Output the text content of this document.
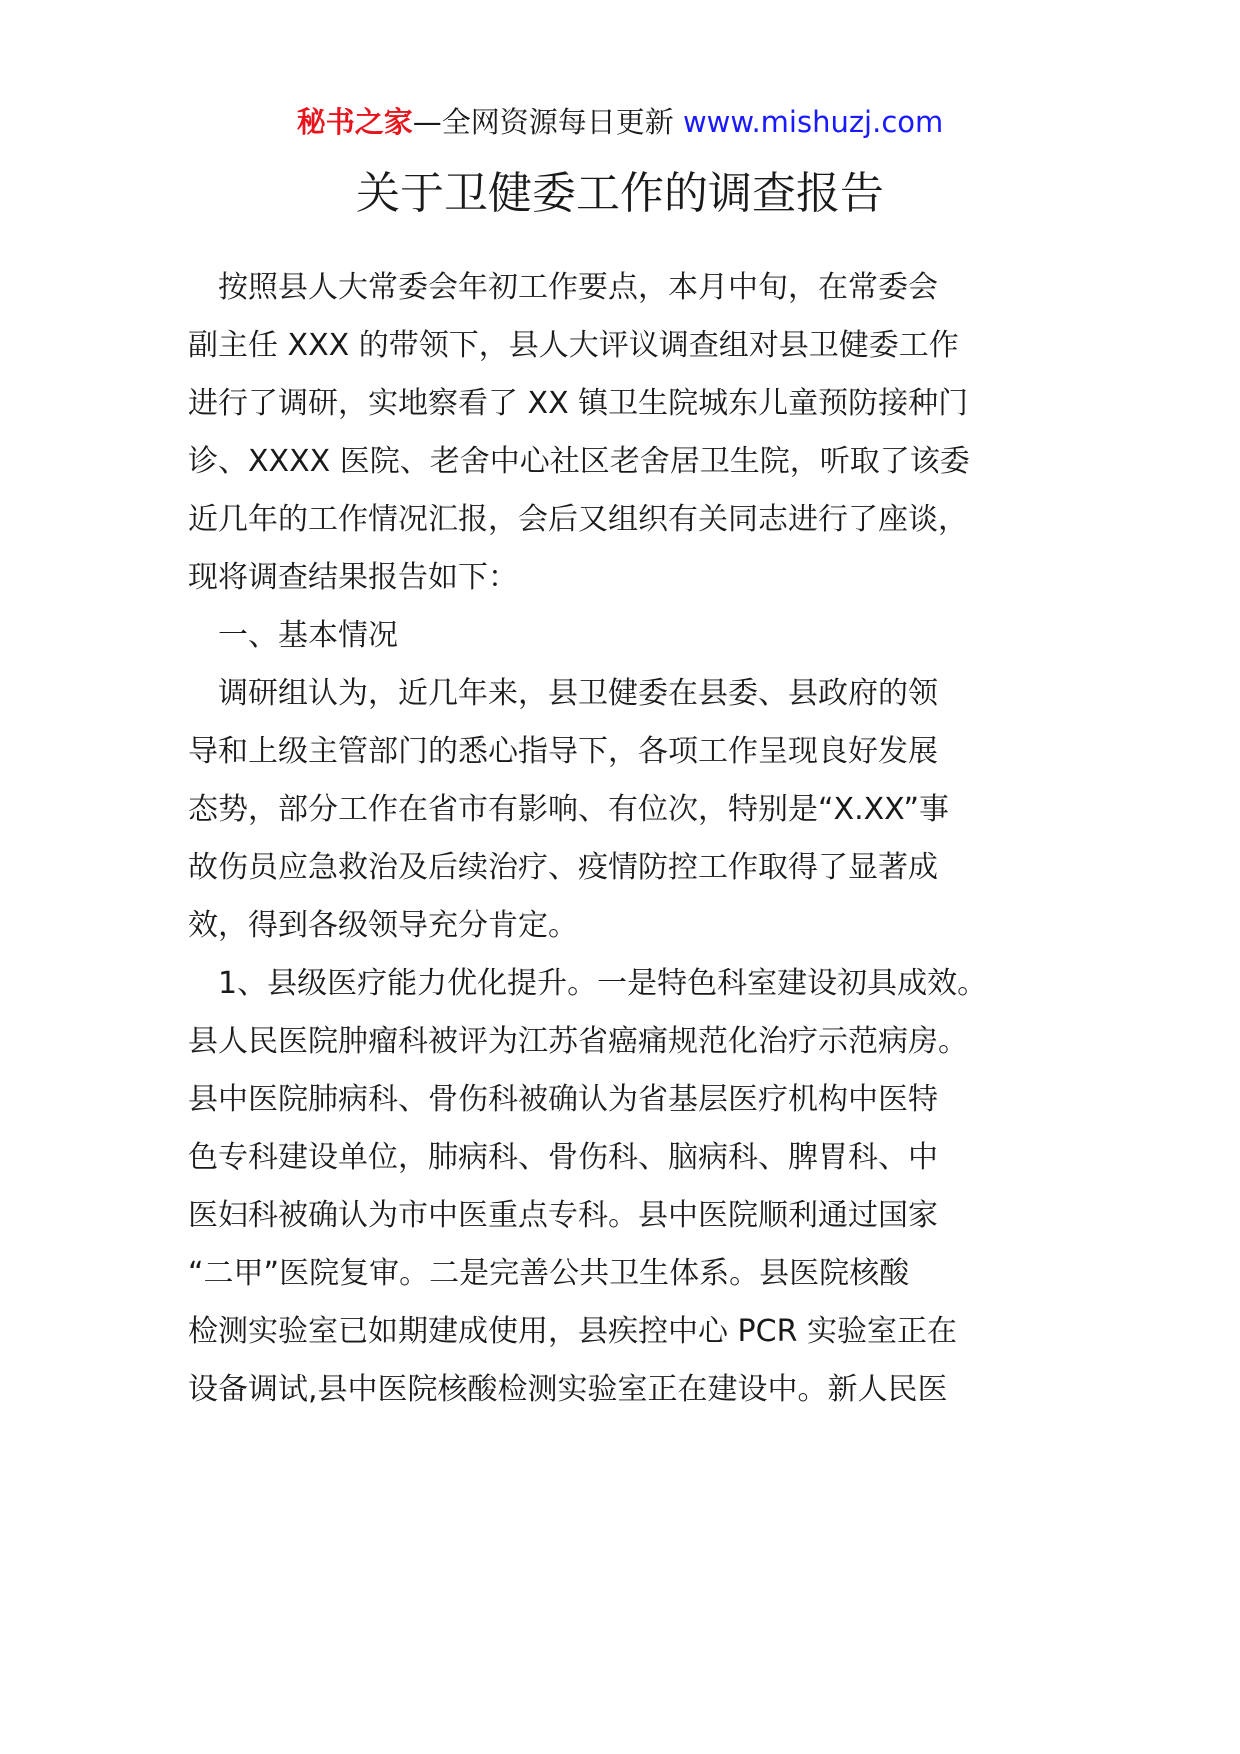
秘书之家—全网资源每日更新 www.mishuzj.com
关于卫健委工作的调查报告

　按照县人大常委会年初工作要点，本月中旬，在常委会

副主任 XXX 的带领下，县人大评议调查组对县卫健委工作

进行了调研，实地察看了 XX 镇卫生院城东儿童预防接种门

诊、XXXX 医院、老舍中心社区老舍居卫生院，听取了该委

近几年的工作情况汇报，会后又组织有关同志进行了座谈，

现将调查结果报告如下：

　一、基本情况

　调研组认为，近几年来，县卫健委在县委、县政府的领

导和上级主管部门的悉心指导下，各项工作呈现良好发展

态势，部分工作在省市有影响、有位次，特别是“X.XX”事

故伤员应急救治及后续治疗、疫情防控工作取得了显著成

效，得到各级领导充分肯定。

　1、县级医疗能力优化提升。一是特色科室建设初具成效。

县人民医院肿瘤科被评为江苏省癌痛规范化治疗示范病房。

县中医院肺病科、骨伤科被确认为省基层医疗机构中医特

色专科建设单位，肺病科、骨伤科、脑病科、脾胃科、中

医妇科被确认为市中医重点专科。县中医院顺利通过国家

“二甲”医院复审。二是完善公共卫生体系。县医院核酸

检测实验室已如期建成使用，县疾控中心 PCR 实验室正在

设备调试,县中医院核酸检测实验室正在建设中。新人民医
